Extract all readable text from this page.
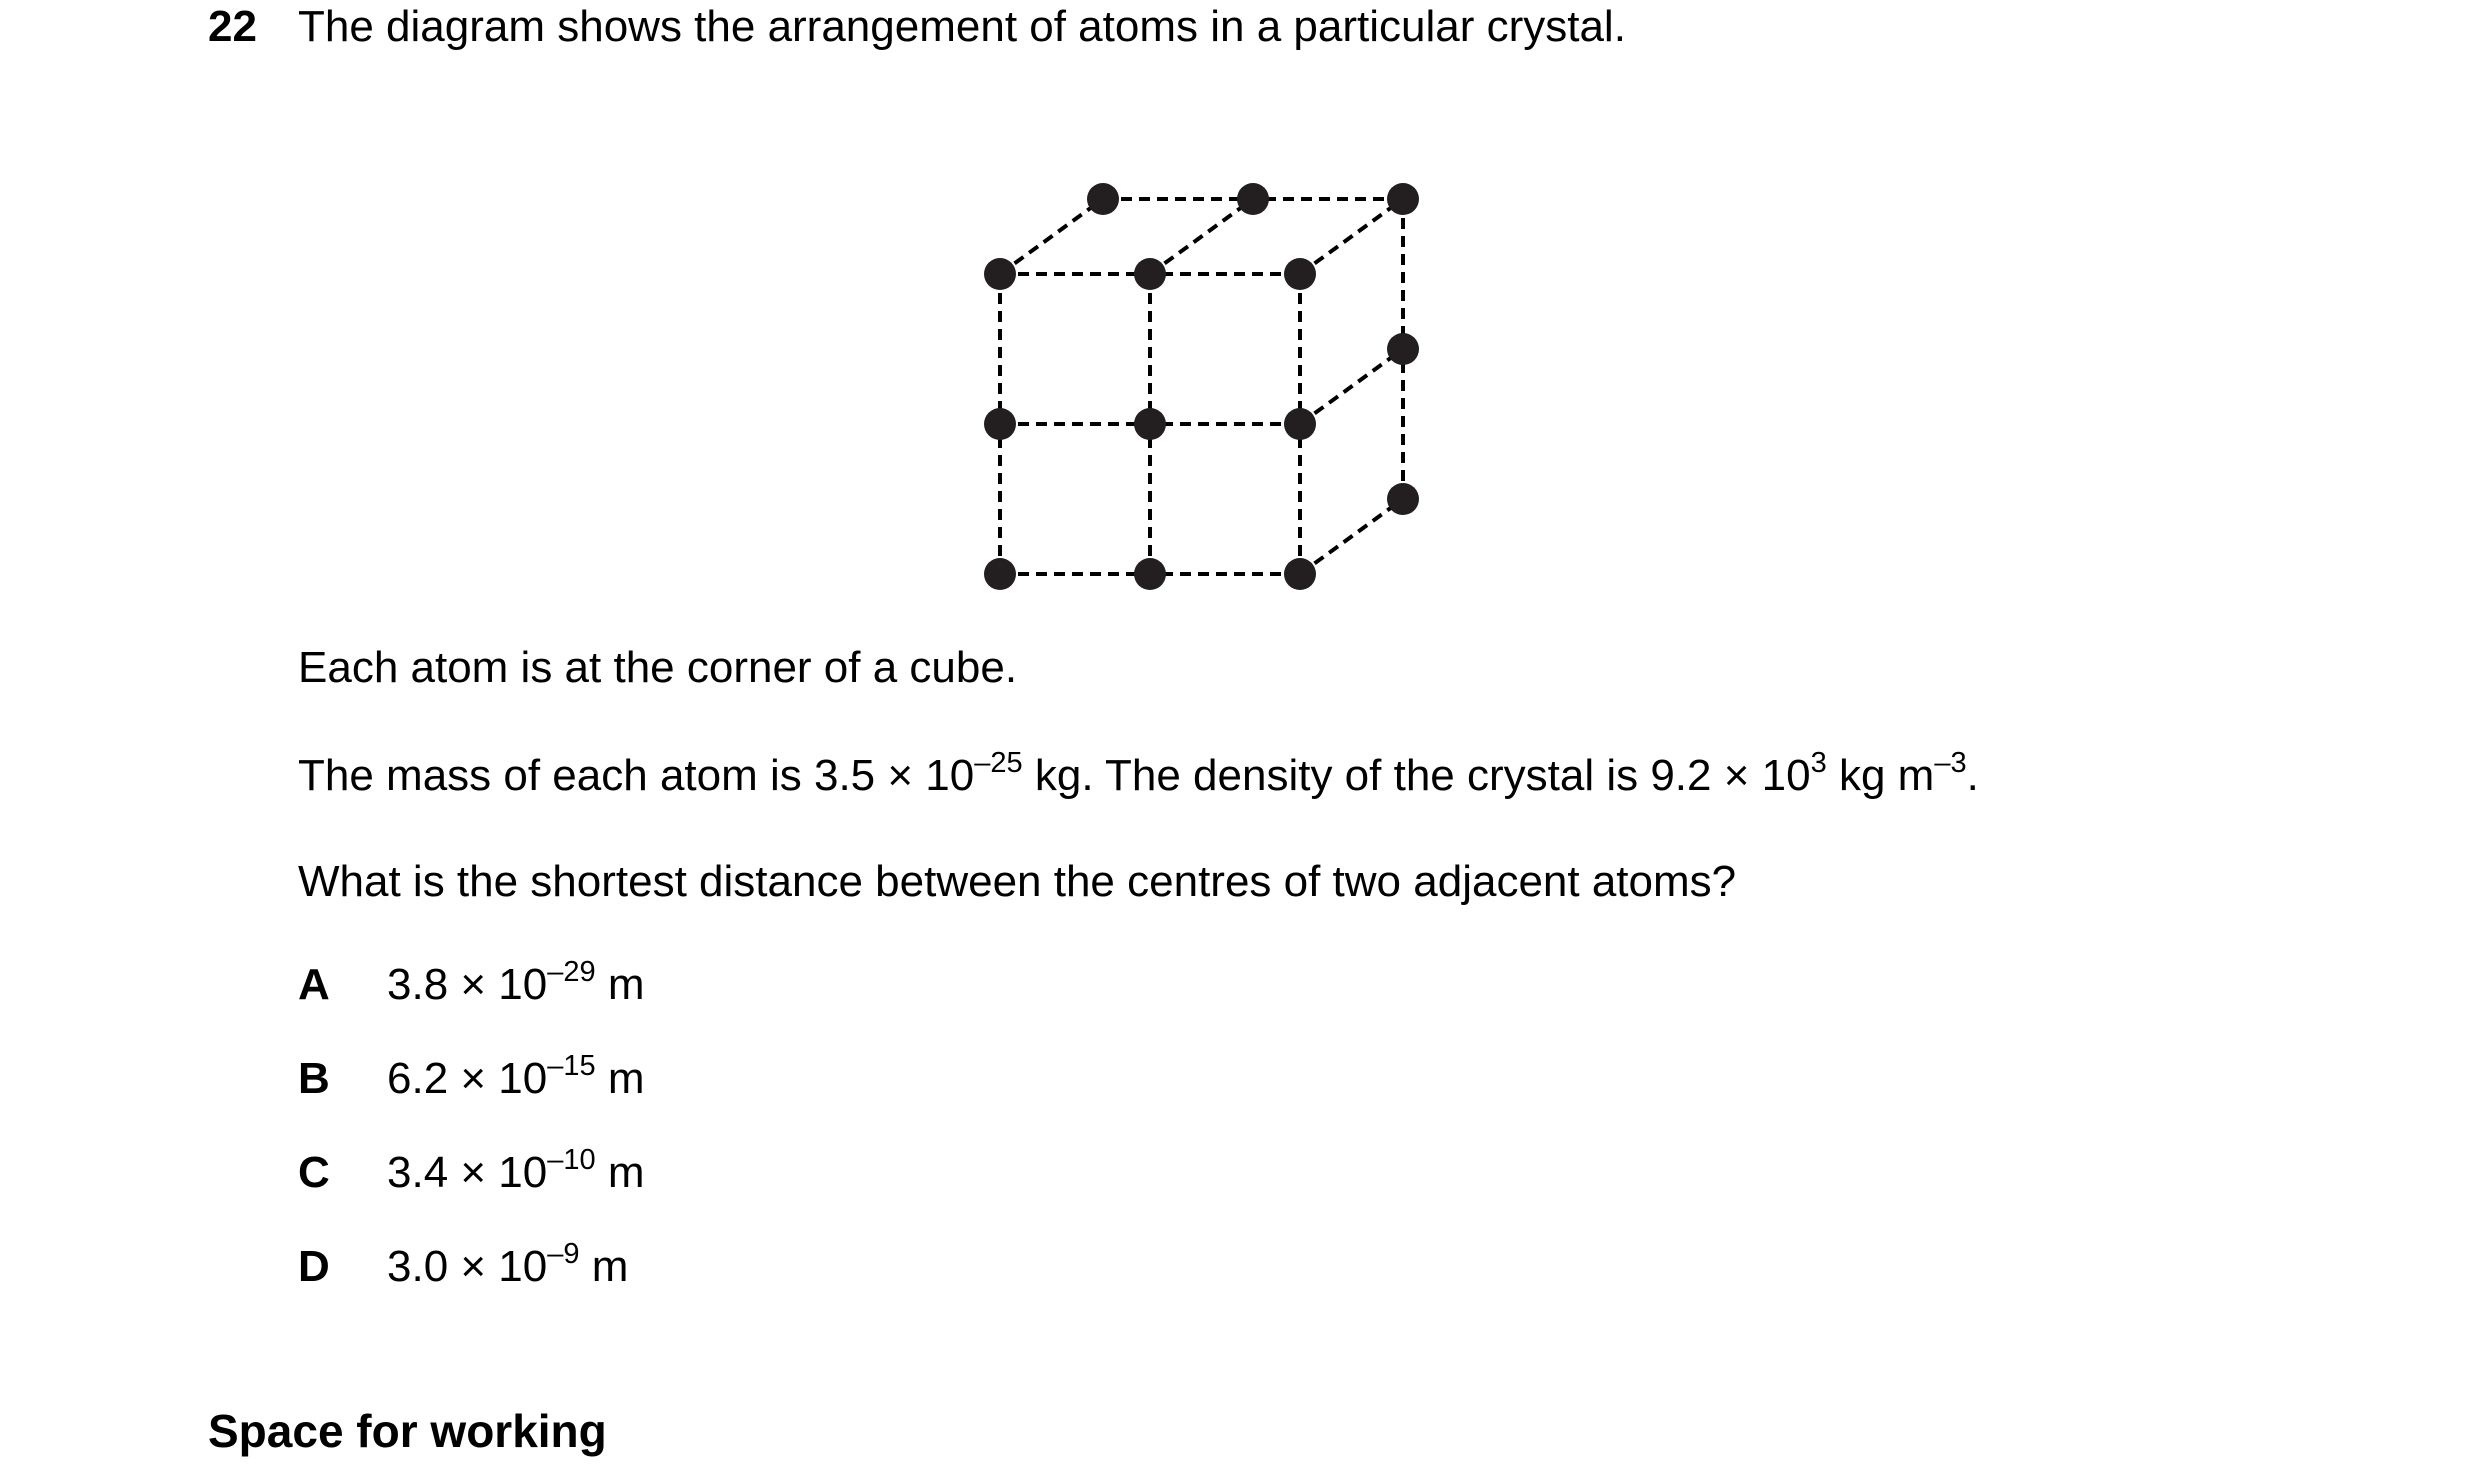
22 The diagram shows the arrangement of atoms in a particular crystal.
Each atom is at the corner of a cube.
The mass of each atom is $3.5 \times 10^{-25}$ kg. The density of the crystal is $9.2 \times 10^3$ kg $m^{-3}$.
What is the shortest distance between the centres of two adjacent atoms?
A $3.8 \times 10^{-29}$ m
B $6.2 \times 10^{-15}$ m
C $3.4 \times 10^{-10}$ m
D $3.0 \times 10^{-9}$ m
Space for working
